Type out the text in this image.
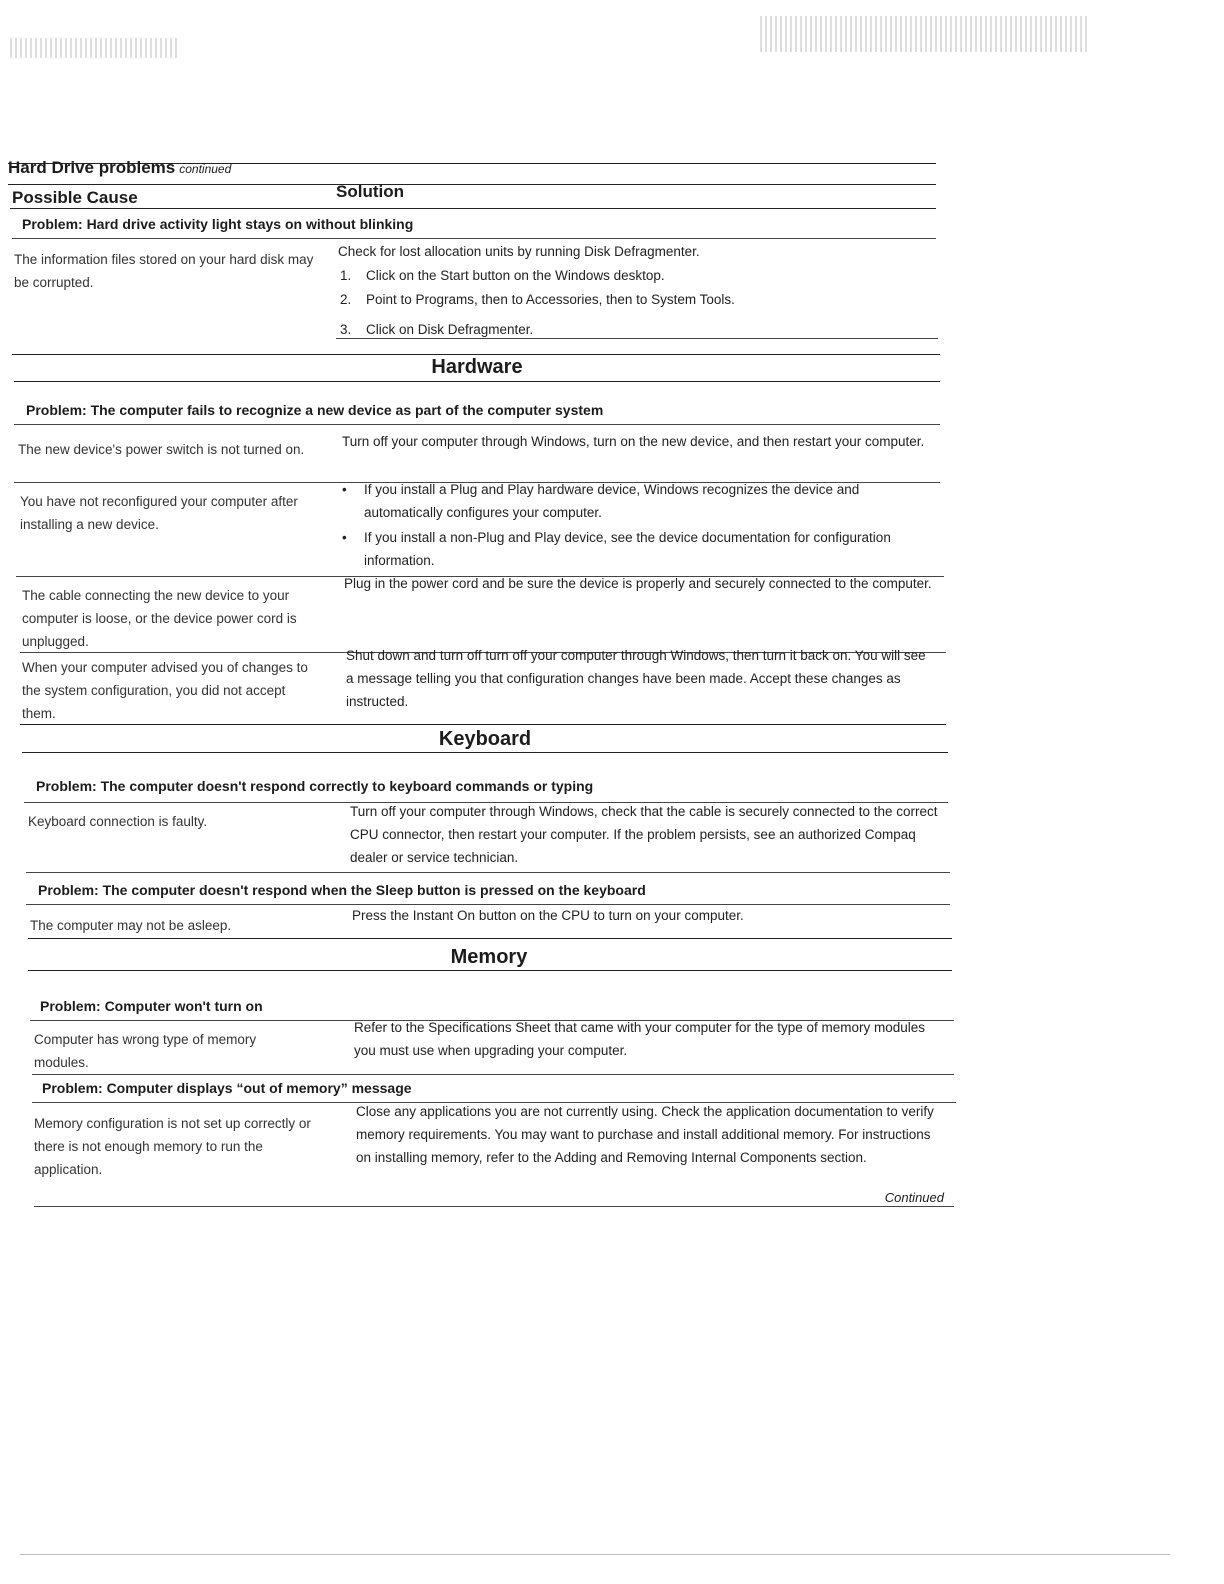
Hard Drive problems continued
Possible Cause	Solution
Problem: Hard drive activity light stays on without blinking
The information files stored on your hard disk may be corrupted.
Check for lost allocation units by running Disk Defragmenter.
1. Click on the Start button on the Windows desktop.
2. Point to Programs, then to Accessories, then to System Tools.
3. Click on Disk Defragmenter.
Hardware
Problem: The computer fails to recognize a new device as part of the computer system
The new device's power switch is not turned on.
Turn off your computer through Windows, turn on the new device, and then restart your computer.
You have not reconfigured your computer after installing a new device.
• If you install a Plug and Play hardware device, Windows recognizes the device and automatically configures your computer.
• If you install a non-Plug and Play device, see the device documentation for configuration information.
The cable connecting the new device to your computer is loose, or the device power cord is unplugged.
Plug in the power cord and be sure the device is properly and securely connected to the computer.
When your computer advised you of changes to the system configuration, you did not accept them.
Shut down and turn off turn off your computer through Windows, then turn it back on. You will see a message telling you that configuration changes have been made. Accept these changes as instructed.
Keyboard
Problem: The computer doesn't respond correctly to keyboard commands or typing
Keyboard connection is faulty.
Turn off your computer through Windows, check that the cable is securely connected to the correct CPU connector, then restart your computer. If the problem persists, see an authorized Compaq dealer or service technician.
Problem: The computer doesn't respond when the Sleep button is pressed on the keyboard
The computer may not be asleep.
Press the Instant On button on the CPU to turn on your computer.
Memory
Problem: Computer won't turn on
Computer has wrong type of memory modules.
Refer to the Specifications Sheet that came with your computer for the type of memory modules you must use when upgrading your computer.
Problem: Computer displays “out of memory” message
Memory configuration is not set up correctly or there is not enough memory to run the application.
Close any applications you are not currently using. Check the application documentation to verify memory requirements. You may want to purchase and install additional memory. For instructions on installing memory, refer to the Adding and Removing Internal Components section.
Continued
